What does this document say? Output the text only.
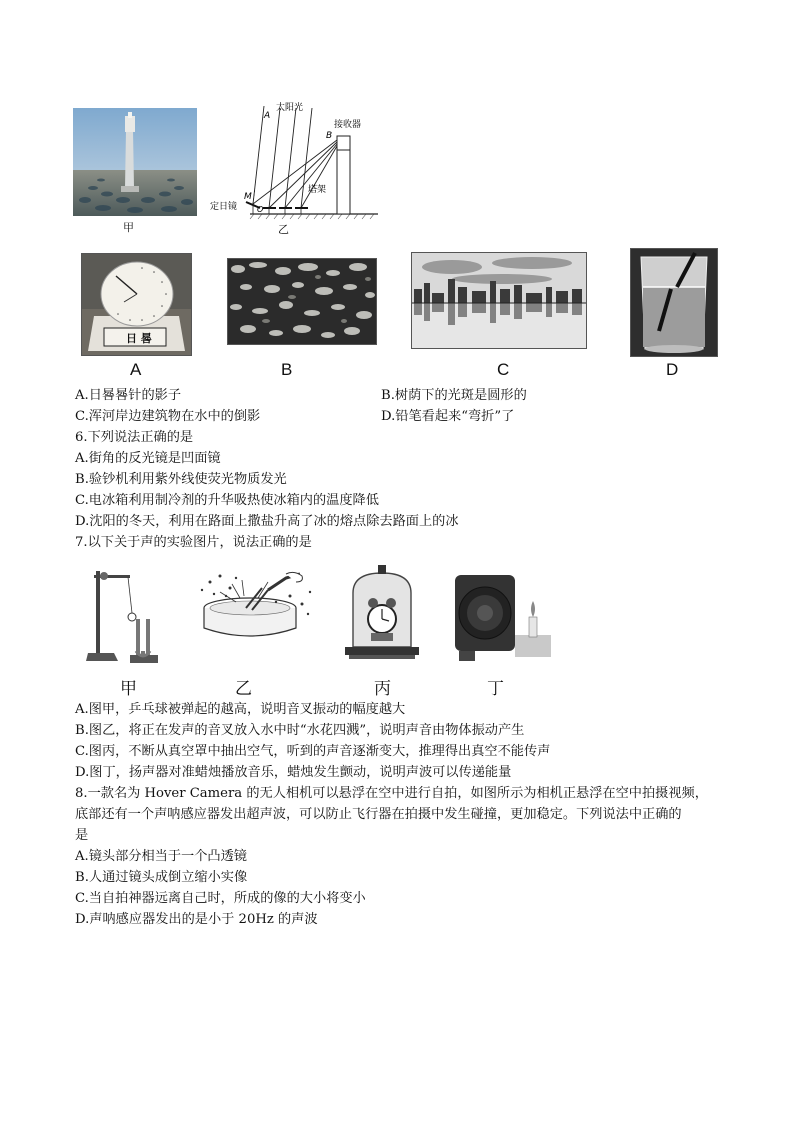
甲
A
太阳光
B
接收器
M
O
定日镜
塔架
乙
日 晷
A	B	C	D
A.日晷晷针的影子	B.树荫下的光斑是圆形的
C.浑河岸边建筑物在水中的倒影	D.铅笔看起来“弯折”了
6.下列说法正确的是
A.街角的反光镜是凹面镜
B.验钞机利用紫外线使荧光物质发光
C.电冰箱利用制冷剂的升华吸热使冰箱内的温度降低
D.沈阳的冬天，利用在路面上撒盐升高了冰的熔点除去路面上的冰
7.以下关于声的实验图片，说法正确的是
甲	乙	丙	丁
A.图甲，乒乓球被弹起的越高，说明音叉振动的幅度越大
B.图乙，将正在发声的音叉放入水中时“水花四溅”，说明声音由物体振动产生
C.图丙，不断从真空罩中抽出空气，听到的声音逐渐变大，推理得出真空不能传声
D.图丁，扬声器对准蜡烛播放音乐，蜡烛发生颤动，说明声波可以传递能量
8.一款名为 Hover Camera 的无人相机可以悬浮在空中进行自拍，如图所示为相机正悬浮在空中拍摄视频，
底部还有一个声呐感应器发出超声波，可以防止飞行器在拍摄中发生碰撞，更加稳定。下列说法中正确的
是
A.镜头部分相当于一个凸透镜
B.人通过镜头成倒立缩小实像
C.当自拍神器远离自己时，所成的像的大小将变小
D.声呐感应器发出的是小于 20Hz 的声波
